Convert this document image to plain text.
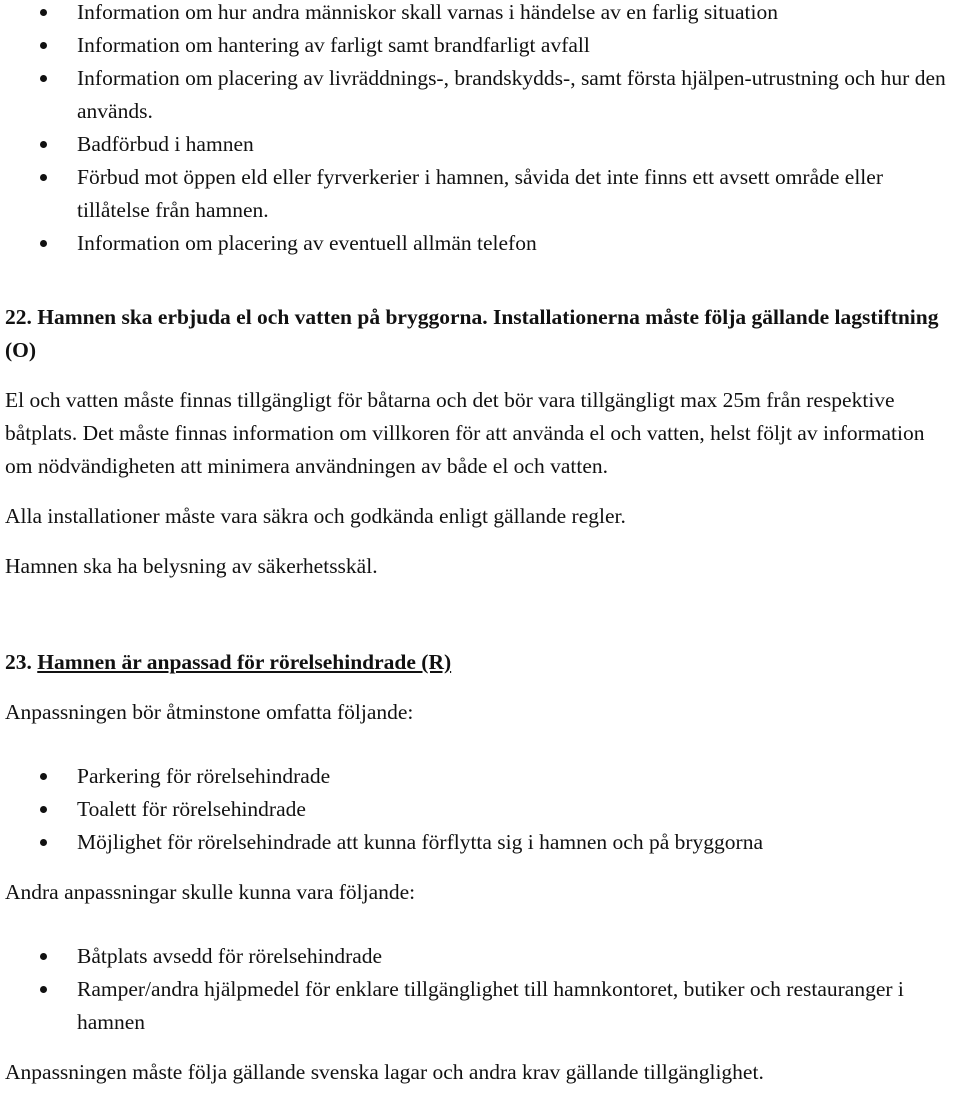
Information om hur andra människor skall varnas i händelse av en farlig situation
Information om hantering av farligt samt brandfarligt avfall
Information om placering av livräddnings-, brandskydds-, samt första hjälpen-utrustning och hur den används.
Badförbud i hamnen
Förbud mot öppen eld eller fyrverkerier i hamnen, såvida det inte finns ett avsett område eller tillåtelse från hamnen.
Information om placering av eventuell allmän telefon

22. Hamnen ska erbjuda el och vatten på bryggorna. Installationerna måste följa gällande lagstiftning (O)

El och vatten måste finnas tillgängligt för båtarna och det bör vara tillgängligt max 25m från respektive båtplats. Det måste finnas information om villkoren för att använda el och vatten, helst följt av information om nödvändigheten att minimera användningen av både el och vatten.

Alla installationer måste vara säkra och godkända enligt gällande regler.

Hamnen ska ha belysning av säkerhetsskäl.

23. Hamnen är anpassad för rörelsehindrade (R)

Anpassningen bör åtminstone omfatta följande:

Parkering för rörelsehindrade
Toalett för rörelsehindrade
Möjlighet för rörelsehindrade att kunna förflytta sig i hamnen och på bryggorna

Andra anpassningar skulle kunna vara följande:

Båtplats avsedd för rörelsehindrade
Ramper/andra hjälpmedel för enklare tillgänglighet till hamnkontoret, butiker och restauranger i hamnen

Anpassningen måste följa gällande svenska lagar och andra krav gällande tillgänglighet.
